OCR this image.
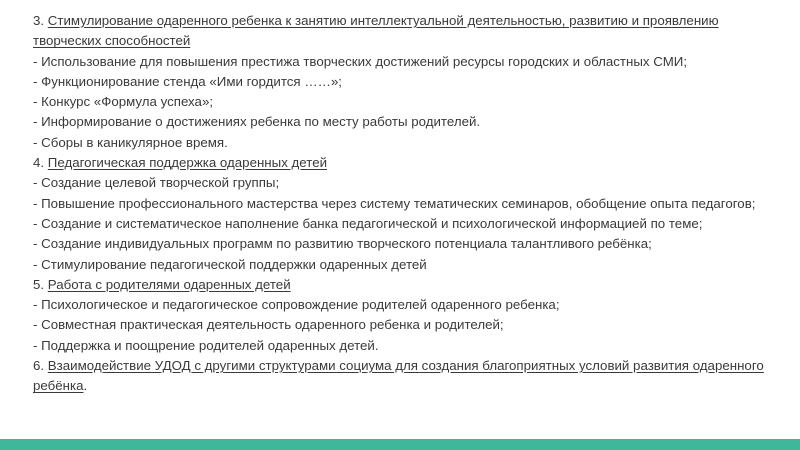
3. Стимулирование одаренного ребенка к занятию интеллектуальной деятельностью, развитию и проявлению творческих способностей
- Использование для повышения престижа творческих достижений ресурсы городских и областных СМИ;
- Функционирование стенда «Ими гордится ……»;
- Конкурс «Формула успеха»;
- Информирование о достижениях ребенка по месту работы родителей.
- Сборы в каникулярное время.
4. Педагогическая поддержка одаренных детей
- Создание целевой творческой группы;
- Повышение профессионального мастерства через систему тематических семинаров, обобщение опыта педагогов;
- Создание и систематическое наполнение банка педагогической и психологической информацией по теме;
- Создание индивидуальных программ по развитию творческого потенциала талантливого ребёнка;
- Стимулирование педагогической поддержки одаренных детей
5. Работа с родителями одаренных детей
- Психологическое и педагогическое сопровождение родителей одаренного ребенка;
- Совместная практическая деятельность одаренного ребенка и родителей;
- Поддержка и поощрение родителей одаренных детей.
6. Взаимодействие УДОД с другими структурами социума для создания благоприятных условий развития одаренного ребёнка.
